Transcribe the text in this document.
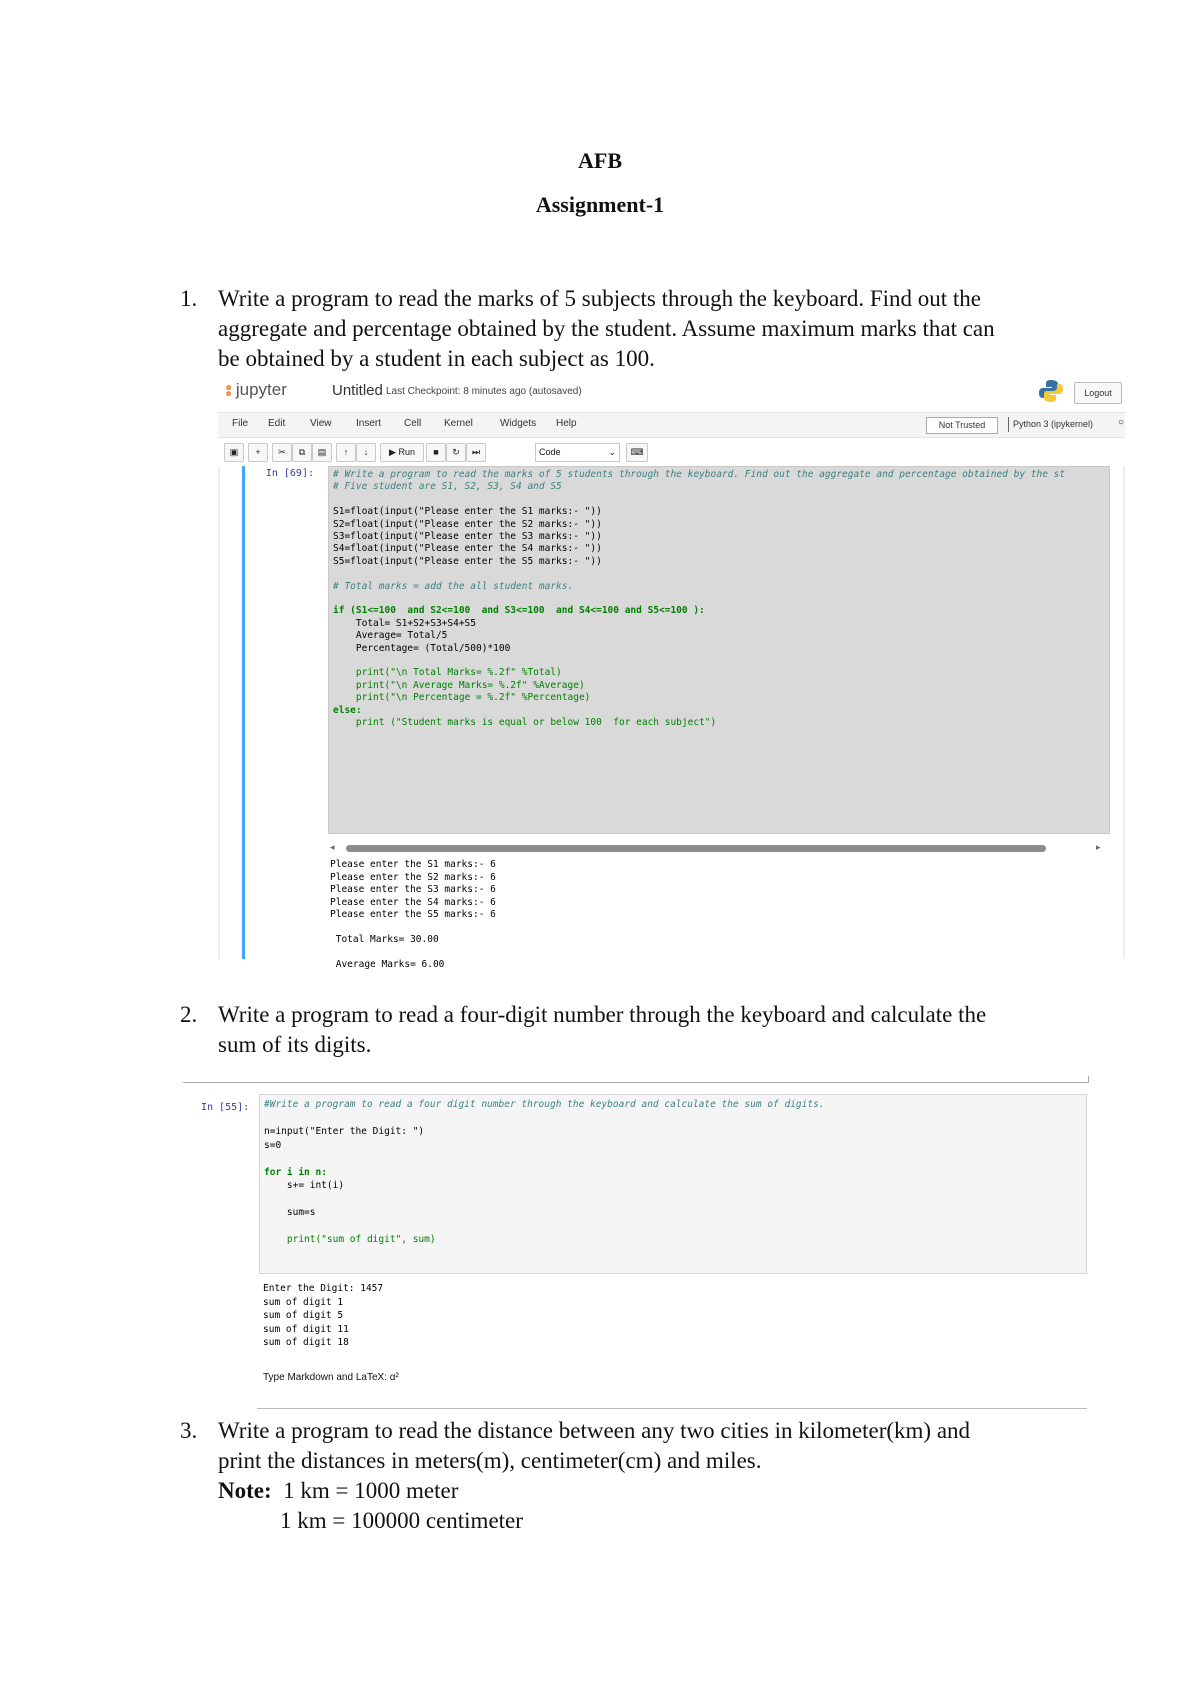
AFB
Assignment-1
1. Write a program to read the marks of 5 subjects through the keyboard. Find out the
aggregate and percentage obtained by the student. Assume maximum marks that can
be obtained by a student in each subject as 100.
⦂ jupyter	Untitled Last Checkpoint: 8 minutes ago (autosaved)	Logout
File Edit View Insert Cell Kernel	Widgets Help	Not Trusted	Python 3 (ipykernel) ○
▣	+	✂	⧉	▤	↑	↓	▶ Run	■	↻	⏭	Code	⌄	⌨
In [69]: # Write a program to read the marks of 5 students through the keyboard. Find out the aggregate and percentage obtained by the st
# Five student are S1, S2, S3, S4 and S5
S1=float(input("Please enter the S1 marks:- "))
S2=float(input("Please enter the S2 marks:- "))
S3=float(input("Please enter the S3 marks:- "))
S4=float(input("Please enter the S4 marks:- "))
S5=float(input("Please enter the S5 marks:- "))
# Total marks = add the all student marks.
if (S1<=100  and S2<=100  and S3<=100  and S4<=100 and S5<=100 ):
Total= S1+S2+S3+S4+S5
Average= Total/5
Percentage= (Total/500)*100
print("\n Total Marks= %.2f" %Total)
print("\n Average Marks= %.2f" %Average)
print("\n Percentage = %.2f" %Percentage)
else:
print ("Student marks is equal or below 100  for each subject")
◂	▸
Please enter the S1 marks:- 6
Please enter the S2 marks:- 6
Please enter the S3 marks:- 6
Please enter the S4 marks:- 6
Please enter the S5 marks:- 6
Total Marks= 30.00
Average Marks= 6.00
2. Write a program to read a four-digit number through the keyboard and calculate the
sum of its digits.
In [55]: #Write a program to read a four digit number through the keyboard and calculate the sum of digits.
n=input("Enter the Digit: ")
s=0
for i in n:
s+= int(i)
sum=s
print("sum of digit", sum)
Enter the Digit: 1457
sum of digit 1
sum of digit 5
sum of digit 11
sum of digit 18
Type Markdown and LaTeX: α²
3. Write a program to read the distance between any two cities in kilometer(km) and
print the distances in meters(m), centimeter(cm) and miles.
Note: 1 km = 1000 meter
1 km = 100000 centimeter
